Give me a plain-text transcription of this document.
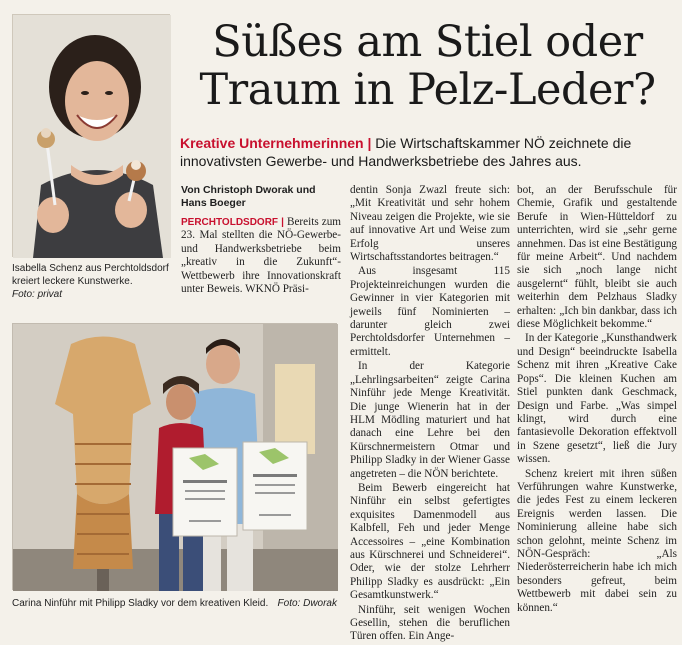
Isabella Schenz aus Perchtoldsdorf kreiert leckere Kunstwerke.
Foto: privat
Süßes am Stiel oder
Traum in Pelz-Leder?
Kreative Unternehmerinnen | Die Wirtschaftskammer NÖ zeichnete die innovativsten Gewerbe- und Handwerksbetriebe des Jahres aus.
Von Christoph Dworak und Hans Boeger

PERCHTOLDSDORF | Bereits zum 23. Mal stellten die NÖ-Gewerbe- und Handwerksbetriebe beim „kreativ in die Zukunft“-Wettbewerb ihre Innovationskraft unter Beweis. WKNÖ Präsi-

dentin Sonja Zwazl freute sich: „Mit Kreativität und sehr hohem Niveau zeigen die Projekte, wie sie auf innovative Art und Weise zum Erfolg unseres Wirtschaftsstandortes beitragen.“

Aus insgesamt 115 Projekteinreichungen wurden die Gewinner in vier Kategorien mit jeweils fünf Nominierten – darunter gleich zwei Perchtoldsdorfer Unternehmen – ermittelt.

In der Kategorie „Lehrlingsarbeiten“ zeigte Carina Ninführ jede Menge Kreativität. Die junge Wienerin hat in der HLM Mödling maturiert und hat danach eine Lehre bei den Kürschnermeistern Otmar und Philipp Sladky in der Wiener Gasse angetreten – die NÖN berichtete.

Beim Bewerb eingereicht hat Ninführ ein selbst gefertigtes exquisites Damenmodell aus Kalbfell, Feh und jeder Menge Accessoires – „eine Kombination aus Kürschnerei und Schneiderei“. Oder, wie der stolze Lehrherr Philipp Sladky es ausdrückt: „Ein Gesamtkunstwerk.“

Ninführ, seit wenigen Wochen Gesellin, stehen die beruflichen Türen offen. Ein Ange-

bot, an der Berufsschule für Chemie, Grafik und gestaltende Berufe in Wien-Hütteldorf zu unterrichten, wird sie „sehr gerne annehmen. Das ist eine Bestätigung für meine Arbeit“. Und nachdem sie sich „noch lange nicht ausgelernt“ fühlt, bleibt sie auch weiterhin dem Pelzhaus Sladky erhalten: „Ich bin dankbar, dass ich diese Möglichkeit bekomme.“

In der Kategorie „Kunsthandwerk und Design“ beeindruckte Isabella Schenz mit ihren „Kreative Cake Pops“. Die kleinen Kuchen am Stiel punkten dank Geschmack, Design und Farbe. „Was simpel klingt, wird durch eine fantasievolle Dekoration effektvoll in Szene gesetzt“, ließ die Jury wissen.

Schenz kreiert mit ihren süßen Verführungen wahre Kunstwerke, die jedes Fest zu einem leckeren Ereignis werden lassen. Die Nominierung alleine habe sich schon gelohnt, meinte Schenz im NÖN-Gespräch: „Als Niederösterreicherin habe ich mich besonders gefreut, beim Wettbewerb mit dabei sein zu können.“

Carina Ninführ mit Philipp Sladky vor dem kreativen Kleid. Foto: Dworak
